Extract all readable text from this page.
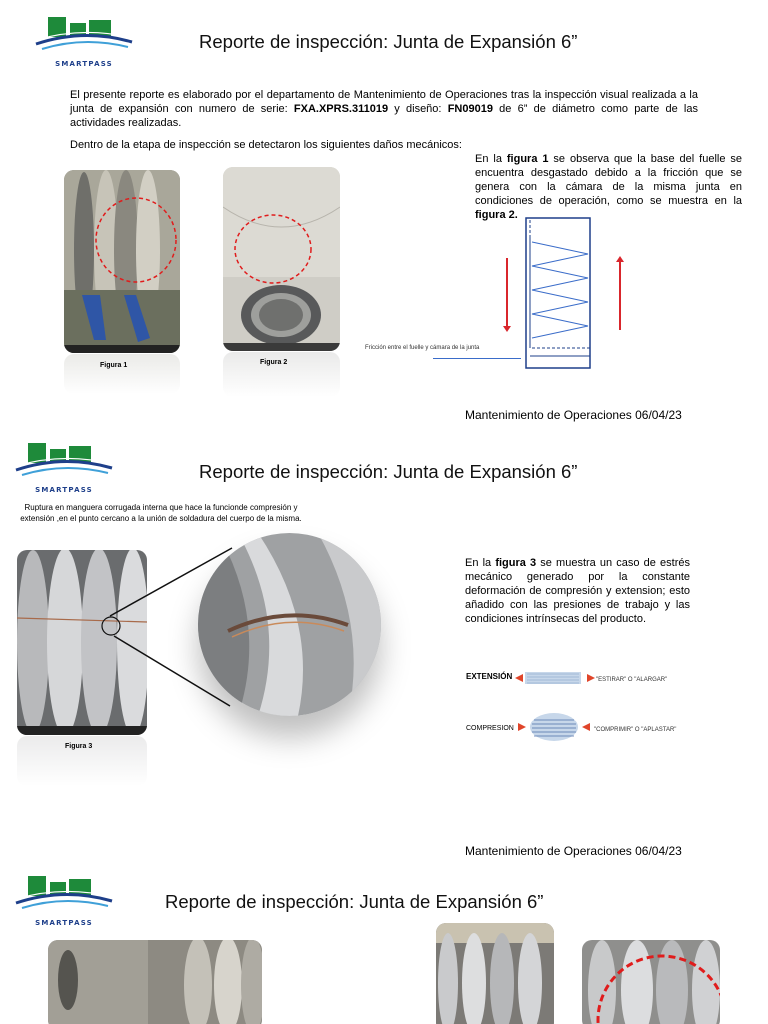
SMARTPASS
Reporte de inspección: Junta de Expansión 6”
El presente reporte es elaborado por el departamento de Mantenimiento de Operaciones tras la inspección visual realizada a la junta de expansión con numero de serie: FXA.XPRS.311019 y diseño: FN09019 de 6” de diámetro como parte de las actividades realizadas.
Dentro de la etapa de inspección se detectaron los siguientes daños mecánicos:
Figura 1	Figura 2
En la figura 1 se observa que la base del fuelle se encuentra desgastado debido a la fricción que se genera con la cámara de la misma junta en condiciones de operación, como se muestra en la figura 2.
Fricción entre el fuelle y cámara de la junta
Mantenimiento de Operaciones 06/04/23
SMARTPASS
Reporte de inspección: Junta de Expansión 6”
Ruptura en manguera corrugada interna que hace la funcionde compresión y extensión ,en el punto cercano a la unión de soldadura del cuerpo de la misma.
Figura 3
En la figura 3 se muestra un caso de estrés mecánico generado por la constante deformación de compresión y extension; esto añadido con las presiones de trabajo y las condiciones intrínsecas del producto.
EXTENSIÓN	"ESTIRAR" O "ALARGAR"
COMPRESION	"COMPRIMIR" O "APLASTAR"
Mantenimiento de Operaciones 06/04/23
SMARTPASS
Reporte de inspección: Junta de Expansión 6”
